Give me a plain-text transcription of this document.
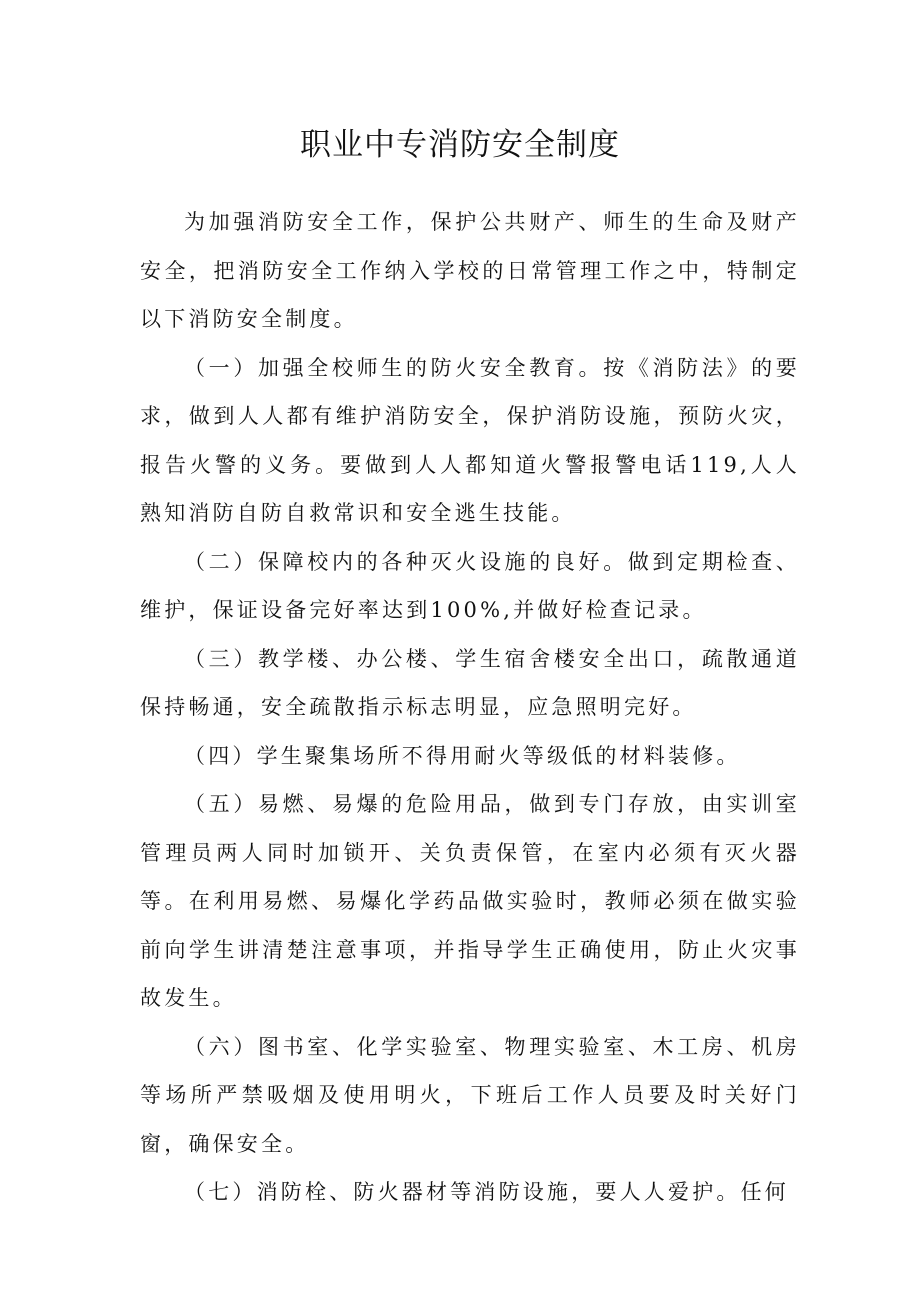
职业中专消防安全制度

为加强消防安全工作，保护公共财产、师生的生命及财产安全，把消防安全工作纳入学校的日常管理工作之中，特制定以下消防安全制度。

（一）加强全校师生的防火安全教育。按《消防法》的要求，做到人人都有维护消防安全，保护消防设施，预防火灾，报告火警的义务。要做到人人都知道火警报警电话119,人人熟知消防自防自救常识和安全逃生技能。

（二）保障校内的各种灭火设施的良好。做到定期检查、维护，保证设备完好率达到100%,并做好检查记录。

（三）教学楼、办公楼、学生宿舍楼安全出口，疏散通道保持畅通，安全疏散指示标志明显，应急照明完好。

（四）学生聚集场所不得用耐火等级低的材料装修。

（五）易燃、易爆的危险用品，做到专门存放，由实训室管理员两人同时加锁开、关负责保管，在室内必须有灭火器等。在利用易燃、易爆化学药品做实验时，教师必须在做实验前向学生讲清楚注意事项，并指导学生正确使用，防止火灾事故发生。

（六）图书室、化学实验室、物理实验室、木工房、机房等场所严禁吸烟及使用明火，下班后工作人员要及时关好门窗，确保安全。

（七）消防栓、防火器材等消防设施，要人人爱护。任何
